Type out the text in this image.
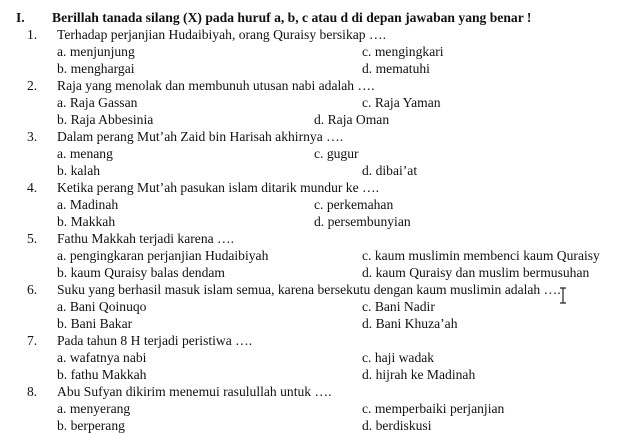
I. Berillah tanada silang (X) pada huruf a, b, c atau d di depan jawaban yang benar !
1. Terhadap perjanjian Hudaibiyah, orang Quraisy bersikap ….
a. menjunjung	c. mengingkari
b. menghargai	d. mematuhi
2. Raja yang menolak dan membunuh utusan nabi adalah ….
a. Raja Gassan	c. Raja Yaman
b. Raja Abbesinia	d. Raja Oman
3. Dalam perang Mut’ah Zaid bin Harisah akhirnya ….
a. menang	c. gugur
b. kalah	d. dibai’at
4. Ketika perang Mut’ah pasukan islam ditarik mundur ke ….
a. Madinah	c. perkemahan
b. Makkah	d. persembunyian
5. Fathu Makkah terjadi karena ….
a. pengingkaran perjanjian Hudaibiyah	c. kaum muslimin membenci kaum Quraisy
b. kaum Quraisy balas dendam	d. kaum Quraisy dan muslim bermusuhan
6. Suku yang berhasil masuk islam semua, karena bersekutu dengan kaum muslimin adalah ….
a. Bani Qoinuqo	c. Bani Nadir
b. Bani Bakar	d. Bani Khuza’ah
7. Pada tahun 8 H terjadi peristiwa ….
a. wafatnya nabi	c. haji wadak
b. fathu Makkah	d. hijrah ke Madinah
8. Abu Sufyan dikirim menemui rasulullah untuk ….
a. menyerang	c. memperbaiki perjanjian
b. berperang	d. berdiskusi
